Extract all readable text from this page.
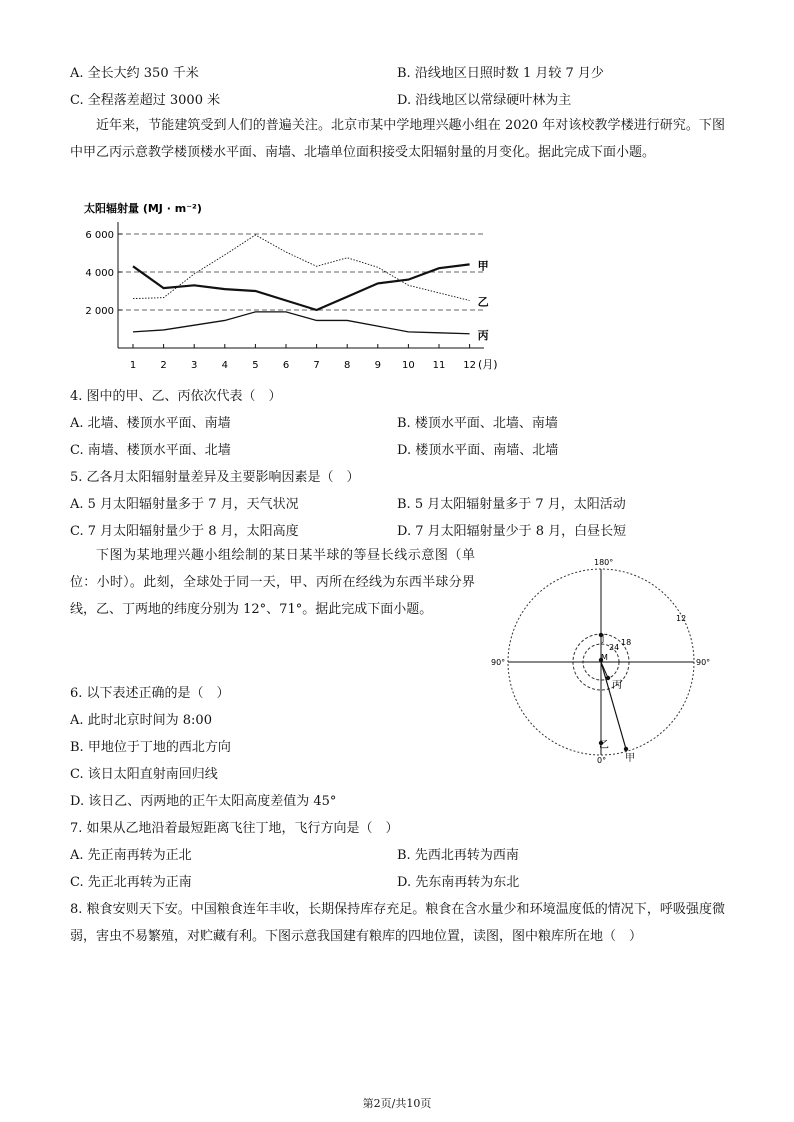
A. 全长大约 350 千米	B. 沿线地区日照时数 1 月较 7 月少
C. 全程落差超过 3000 米	D. 沿线地区以常绿硬叶林为主
近年来，节能建筑受到人们的普遍关注。北京市某中学地理兴趣小组在 2020 年对该校教学楼进行研究。下图中甲乙丙示意教学楼顶楼水平面、南墙、北墙单位面积接受太阳辐射量的月变化。据此完成下面小题。
太阳辐射量 (MJ · m⁻²)
2 000
4 000
6 000
1 2 3 4 5 6 7 8 9 10 11 12
甲
乙
丙
(月)
4. 图中的甲、乙、丙依次代表（　）
A. 北墙、楼顶水平面、南墙	B. 楼顶水平面、北墙、南墙
C. 南墙、楼顶水平面、北墙	D. 楼顶水平面、南墙、北墙
5. 乙各月太阳辐射量差异及主要影响因素是（　）
A. 5 月太阳辐射量多于 7 月，天气状况	B. 5 月太阳辐射量多于 7 月，太阳活动
C. 7 月太阳辐射量少于 8 月，太阳高度	D. 7 月太阳辐射量少于 8 月，白昼长短
下图为某地理兴趣小组绘制的某日某半球的等昼长线示意图（单位：小时）。此刻，全球处于同一天，甲、丙所在经线为东西半球分界线，乙、丁两地的纬度分别为 12°、71°。据此完成下面小题。
180°
0°
90°	90°
12
18
24
M
丁
丙
乙
甲
6. 以下表述正确的是（　）
A. 此时北京时间为 8:00
B. 甲地位于丁地的西北方向
C. 该日太阳直射南回归线
D. 该日乙、丙两地的正午太阳高度差值为 45°
7. 如果从乙地沿着最短距离飞往丁地，飞行方向是（　）
A. 先正南再转为正北	B. 先西北再转为西南
C. 先正北再转为正南	D. 先东南再转为东北
8. 粮食安则天下安。中国粮食连年丰收，长期保持库存充足。粮食在含水量少和环境温度低的情况下，呼吸强度微弱，害虫不易繁殖，对贮藏有利。下图示意我国建有粮库的四地位置，读图，图中粮库所在地（　）
第2页/共10页
